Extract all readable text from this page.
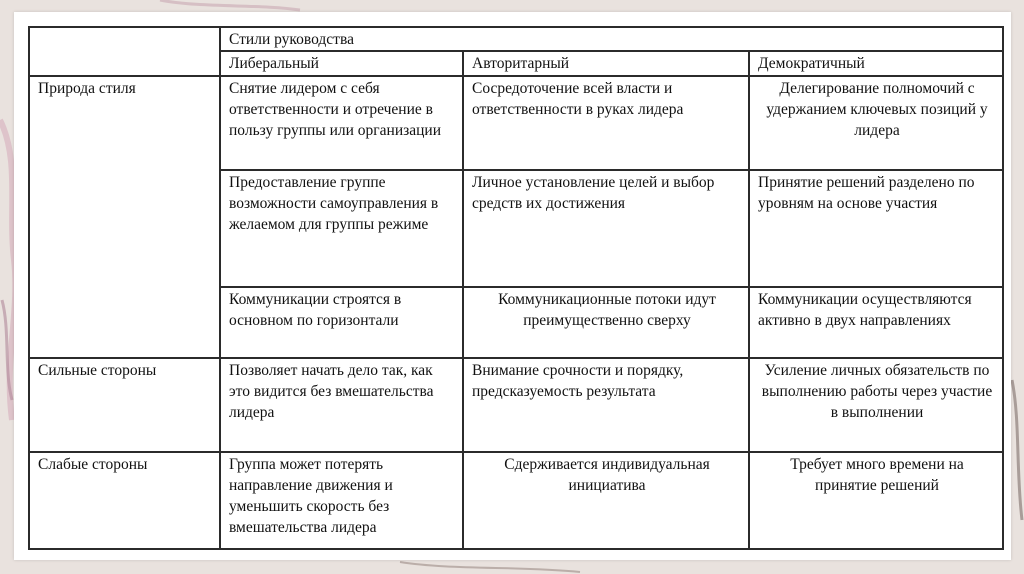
	Стили руководства		
	Либеральный	Авторитарный	Демократичный
Природа стиля	Снятие лидером с себя ответственности и отречение в пользу группы или организации	Сосредоточение всей власти и ответственности в руках лидера	Делегирование полномочий с удержанием ключевых позиций у лидера
	Предоставление группе возможности самоуправления в желаемом для группы режиме	Личное установление целей и выбор средств их достижения	Принятие решений разделено по уровням на основе участия
	Коммуникации строятся в основном по горизонтали	Коммуникационные потоки идут преимущественно сверху	Коммуникации осуществляются активно в двух направлениях
Сильные стороны	Позволяет начать дело так, как это видится без вмешательства лидера	Внимание срочности и порядку, предсказуемость результата	Усиление личных обязательств по выполнению работы через участие в выполнении
Слабые стороны	Группа может потерять направление движения и уменьшить скорость без вмешательства лидера	Сдерживается индивидуальная инициатива	Требует много времени на принятие решений
